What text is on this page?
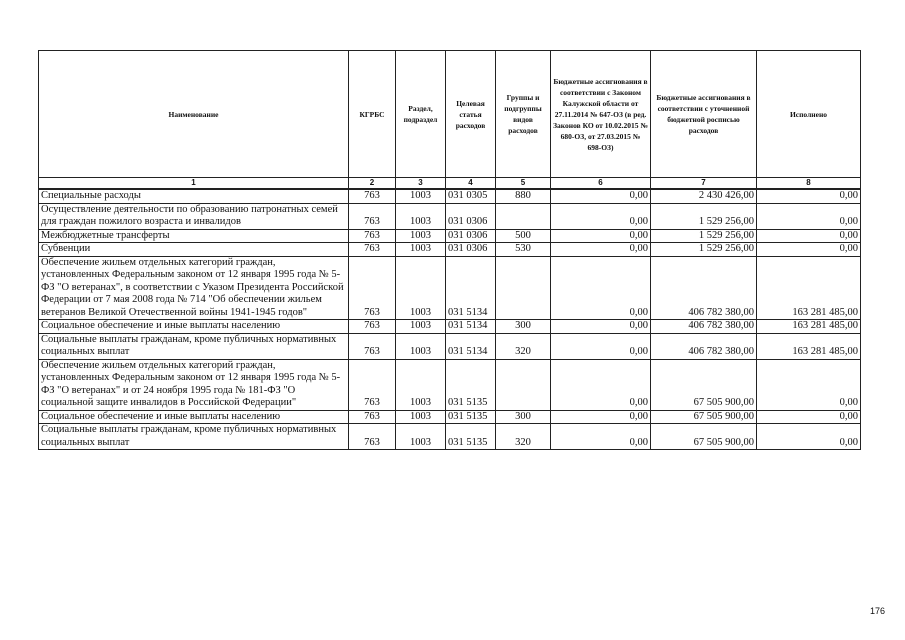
Наименование	КГРБС	Раздел, подраздел	Целевая статья расходов	Группы и подгруппы видов расходов	Бюджетные ассигнования в соответствии с Законом Калужской области от 27.11.2014 № 647-ОЗ (в ред. Законов КО от 10.02.2015 № 680-ОЗ, от 27.03.2015 № 698-ОЗ)	Бюджетные ассигнования в соответствии с уточненной бюджетной росписью расходов	Исполнено
1	2	3	4	5	6	7	8
Специальные расходы	763	1003	031 0305	880	0,00	2 430 426,00	0,00
Осуществление деятельности по образованию патронатных семей для граждан пожилого возраста и инвалидов	763	1003	031 0306		0,00	1 529 256,00	0,00
Межбюджетные трансферты	763	1003	031 0306	500	0,00	1 529 256,00	0,00
Субвенции	763	1003	031 0306	530	0,00	1 529 256,00	0,00
Обеспечение жильем отдельных категорий граждан, установленных Федеральным законом от 12 января 1995 года № 5-ФЗ "О ветеранах", в соответствии с Указом Президента Российской Федерации от 7 мая 2008 года № 714 "Об обеспечении жильем ветеранов Великой Отечественной войны 1941-1945 годов"	763	1003	031 5134		0,00	406 782 380,00	163 281 485,00
Социальное обеспечение и иные выплаты населению	763	1003	031 5134	300	0,00	406 782 380,00	163 281 485,00
Социальные выплаты гражданам, кроме публичных нормативных социальных выплат	763	1003	031 5134	320	0,00	406 782 380,00	163 281 485,00
Обеспечение жильем отдельных категорий граждан, установленных Федеральным законом от 12 января 1995 года № 5-ФЗ "О ветеранах" и от 24 ноября 1995 года № 181-ФЗ "О социальной защите инвалидов в Российской Федерации"	763	1003	031 5135		0,00	67 505 900,00	0,00
Социальное обеспечение и иные выплаты населению	763	1003	031 5135	300	0,00	67 505 900,00	0,00
Социальные выплаты гражданам, кроме публичных нормативных социальных выплат	763	1003	031 5135	320	0,00	67 505 900,00	0,00
176
